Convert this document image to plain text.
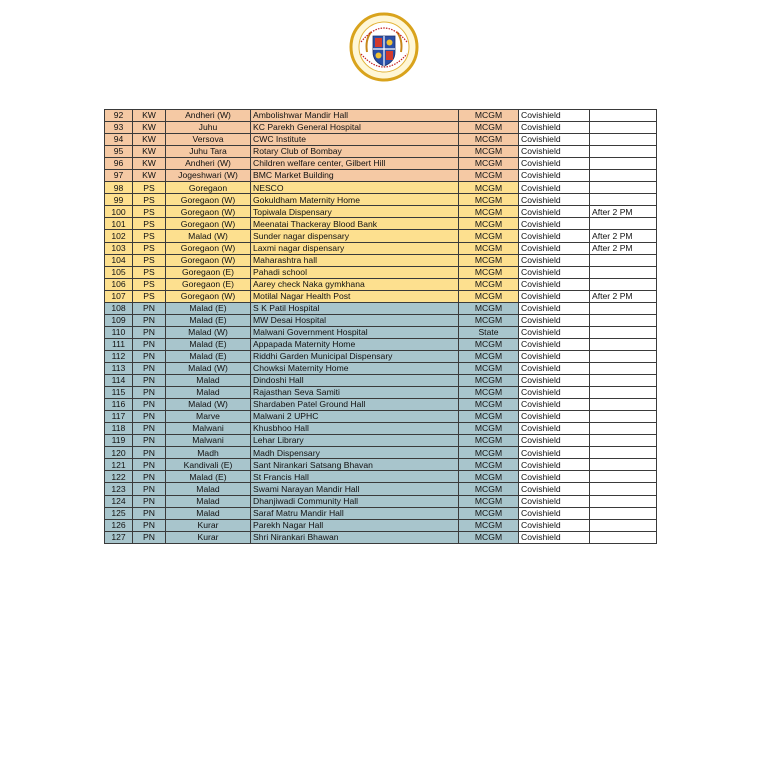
92	KW	Andheri (W)	Ambolishwar Mandir Hall	MCGM	Covishield	
93	KW	Juhu	KC Parekh General Hospital	MCGM	Covishield	
94	KW	Versova	CWC Institute	MCGM	Covishield	
95	KW	Juhu Tara	Rotary Club of Bombay	MCGM	Covishield	
96	KW	Andheri (W)	Children welfare center, Gilbert Hill	MCGM	Covishield	
97	KW	Jogeshwari (W)	BMC Market Building	MCGM	Covishield	
98	PS	Goregaon	NESCO	MCGM	Covishield	
99	PS	Goregaon (W)	Gokuldham Maternity Home	MCGM	Covishield	
100	PS	Goregaon (W)	Topiwala Dispensary	MCGM	Covishield	After 2 PM
101	PS	Goregaon (W)	Meenatai Thackeray Blood Bank	MCGM	Covishield	
102	PS	Malad (W)	Sunder nagar dispensary	MCGM	Covishield	After 2 PM
103	PS	Goregaon (W)	Laxmi nagar dispensary	MCGM	Covishield	After 2 PM
104	PS	Goregaon (W)	Maharashtra hall	MCGM	Covishield	
105	PS	Goregaon (E)	Pahadi school	MCGM	Covishield	
106	PS	Goregaon (E)	Aarey check Naka gymkhana	MCGM	Covishield	
107	PS	Goregaon (W)	Motilal Nagar Health Post	MCGM	Covishield	After 2 PM
108	PN	Malad (E)	S K Patil Hospital	MCGM	Covishield	
109	PN	Malad (E)	MW Desai Hospital	MCGM	Covishield	
110	PN	Malad (W)	Malwani Government Hospital	State	Covishield	
111	PN	Malad (E)	Appapada Maternity Home	MCGM	Covishield	
112	PN	Malad (E)	Riddhi Garden Municipal Dispensary	MCGM	Covishield	
113	PN	Malad (W)	Chowksi Maternity Home	MCGM	Covishield	
114	PN	Malad	Dindoshi Hall	MCGM	Covishield	
115	PN	Malad	Rajasthan Seva Samiti	MCGM	Covishield	
116	PN	Malad (W)	Shardaben Patel Ground Hall	MCGM	Covishield	
117	PN	Marve	Malwani 2 UPHC	MCGM	Covishield	
118	PN	Malwani	Khusbhoo Hall	MCGM	Covishield	
119	PN	Malwani	Lehar Library	MCGM	Covishield	
120	PN	Madh	Madh Dispensary	MCGM	Covishield	
121	PN	Kandivali (E)	Sant Nirankari Satsang Bhavan	MCGM	Covishield	
122	PN	Malad (E)	St Francis Hall	MCGM	Covishield	
123	PN	Malad	Swami Narayan Mandir Hall	MCGM	Covishield	
124	PN	Malad	Dhanjiwadi Community Hall	MCGM	Covishield	
125	PN	Malad	Saraf Matru Mandir Hall	MCGM	Covishield	
126	PN	Kurar	Parekh Nagar Hall	MCGM	Covishield	
127	PN	Kurar	Shri Nirankari Bhawan	MCGM	Covishield	
